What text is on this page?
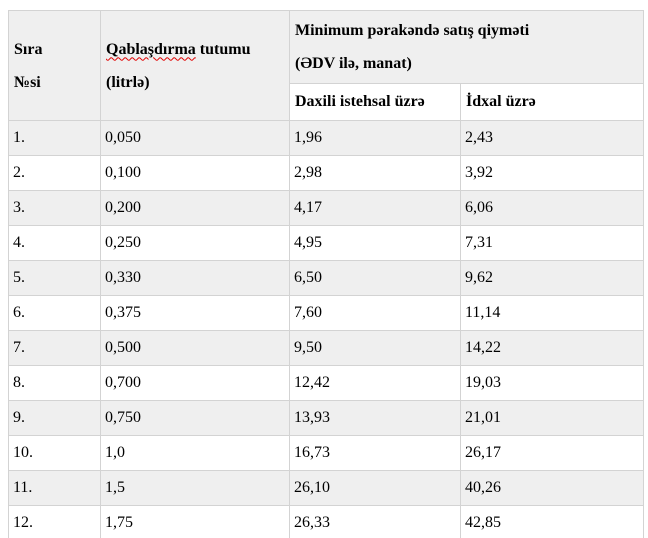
Sıra
№si

Qablaşdırma tutumu
(litrlə)

Minimum pərakəndə satış qiyməti
(ƏDV ilə, manat)

		Daxili istehsal üzrə	İdxal üzrə
1.	0,050	1,96	2,43
2.	0,100	2,98	3,92
3.	0,200	4,17	6,06
4.	0,250	4,95	7,31
5.	0,330	6,50	9,62
6.	0,375	7,60	11,14
7.	0,500	9,50	14,22
8.	0,700	12,42	19,03
9.	0,750	13,93	21,01
10.	1,0	16,73	26,17
11.	1,5	26,10	40,26
12.	1,75	26,33	42,85
